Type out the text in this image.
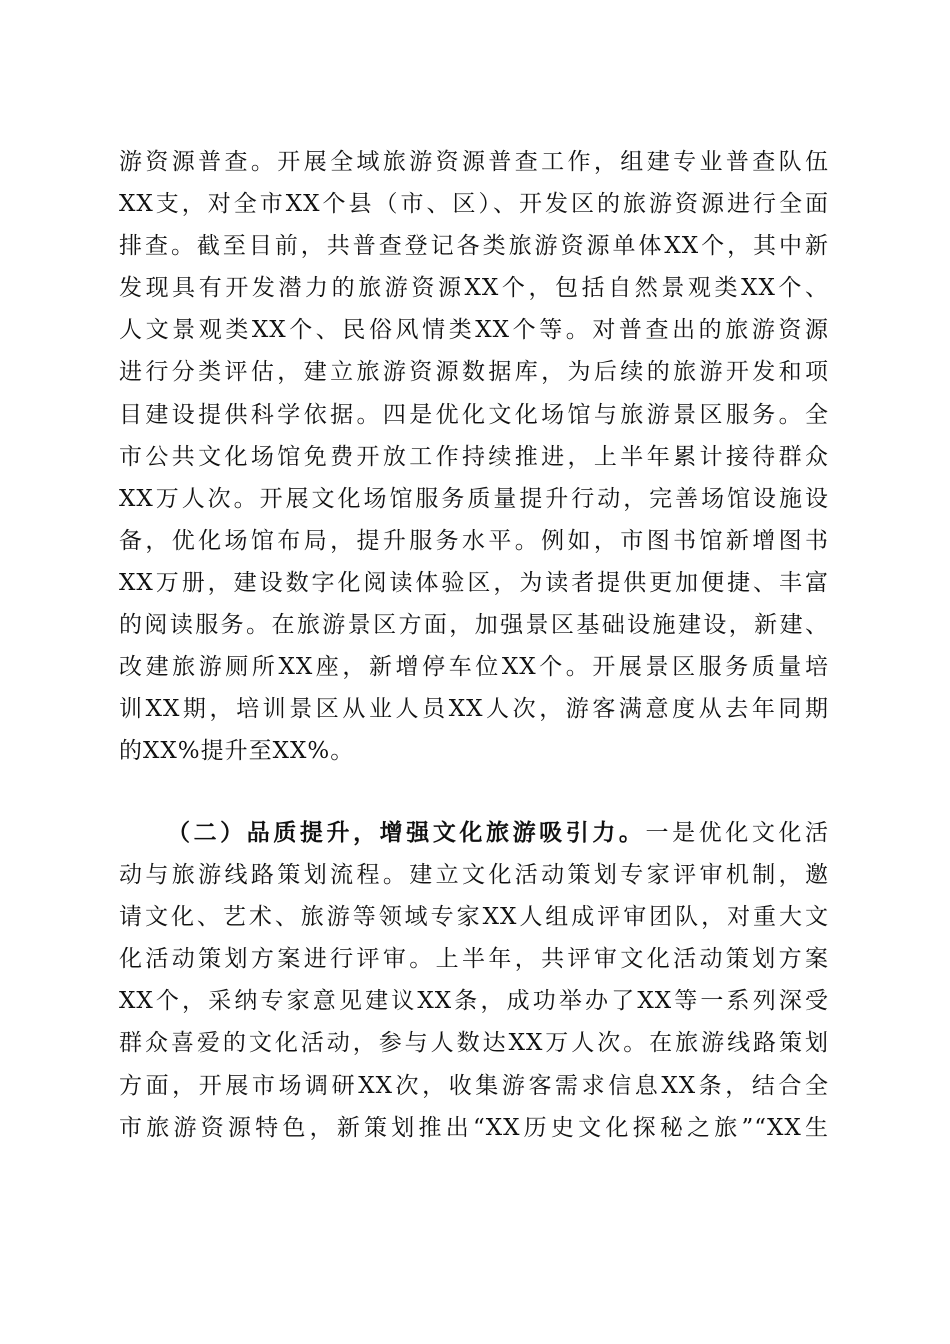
游资源普查。开展全域旅游资源普查工作，组建专业普查队伍
XX支，对全市XX个县（市、区）、开发区的旅游资源进行全面
排查。截至目前，共普查登记各类旅游资源单体XX个，其中新
发现具有开发潜力的旅游资源XX个，包括自然景观类XX个、
人文景观类XX个、民俗风情类XX个等。对普查出的旅游资源
进行分类评估，建立旅游资源数据库，为后续的旅游开发和项
目建设提供科学依据。四是优化文化场馆与旅游景区服务。全
市公共文化场馆免费开放工作持续推进，上半年累计接待群众
XX万人次。开展文化场馆服务质量提升行动，完善场馆设施设
备，优化场馆布局，提升服务水平。例如，市图书馆新增图书
XX万册，建设数字化阅读体验区，为读者提供更加便捷、丰富
的阅读服务。在旅游景区方面，加强景区基础设施建设，新建、
改建旅游厕所XX座，新增停车位XX个。开展景区服务质量培
训XX期，培训景区从业人员XX人次，游客满意度从去年同期
的XX%提升至XX%。
（二）品质提升，增强文化旅游吸引力。一是优化文化活
动与旅游线路策划流程。建立文化活动策划专家评审机制，邀
请文化、艺术、旅游等领域专家XX人组成评审团队，对重大文
化活动策划方案进行评审。上半年，共评审文化活动策划方案
XX个，采纳专家意见建议XX条，成功举办了XX等一系列深受
群众喜爱的文化活动，参与人数达XX万人次。在旅游线路策划
方面，开展市场调研XX次，收集游客需求信息XX条，结合全
市旅游资源特色，新策划推出“XX历史文化探秘之旅”“XX生
